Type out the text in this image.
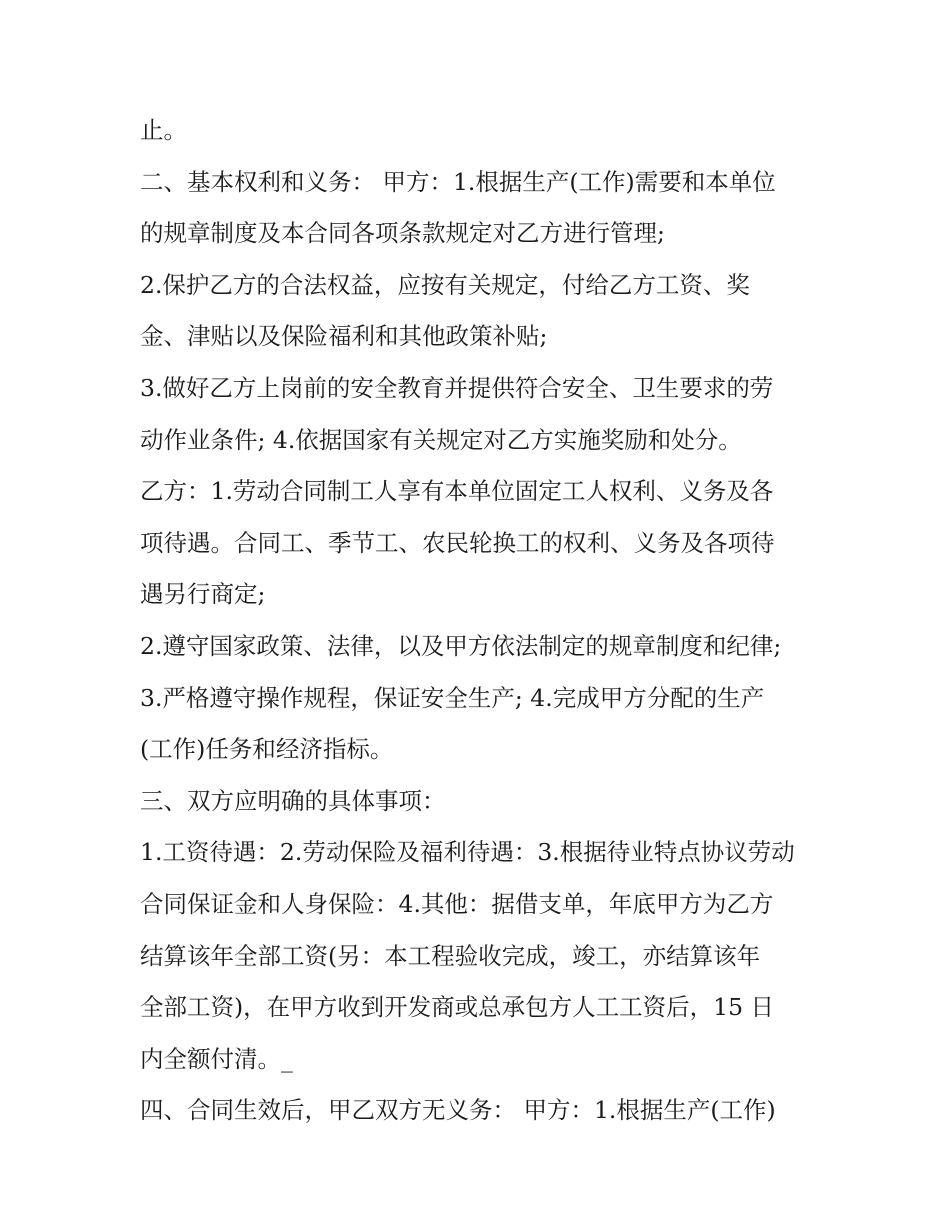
止。
二、基本权利和义务： 甲方：1.根据生产(工作)需要和本单位
的规章制度及本合同各项条款规定对乙方进行管理;
2.保护乙方的合法权益，应按有关规定，付给乙方工资、奖
金、津贴以及保险福利和其他政策补贴;
3.做好乙方上岗前的安全教育并提供符合安全、卫生要求的劳
动作业条件; 4.依据国家有关规定对乙方实施奖励和处分。
乙方：1.劳动合同制工人享有本单位固定工人权利、义务及各
项待遇。合同工、季节工、农民轮换工的权利、义务及各项待
遇另行商定;
2.遵守国家政策、法律，以及甲方依法制定的规章制度和纪律;
3.严格遵守操作规程，保证安全生产; 4.完成甲方分配的生产
(工作)任务和经济指标。
三、双方应明确的具体事项：
1.工资待遇：2.劳动保险及福利待遇：3.根据待业特点协议劳动
合同保证金和人身保险：4.其他：据借支单，年底甲方为乙方
结算该年全部工资(另：本工程验收完成，竣工，亦结算该年
全部工资)，在甲方收到开发商或总承包方人工工资后，15 日
内全额付清。_
四、合同生效后，甲乙双方无义务： 甲方：1.根据生产(工作)
